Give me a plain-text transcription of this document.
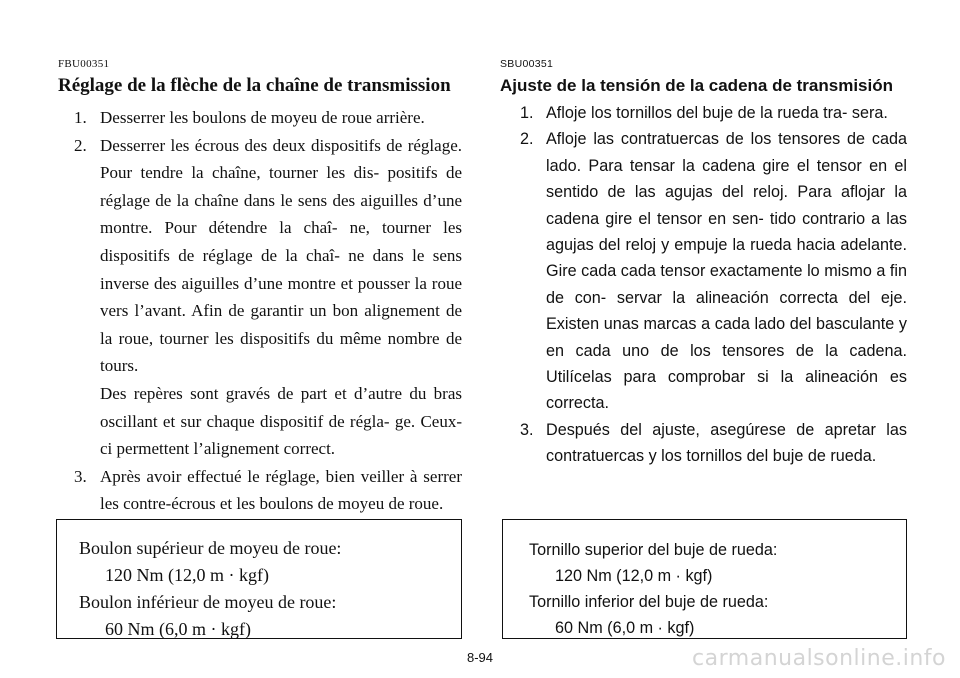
FBU00351
Réglage de la flèche de la chaîne de transmission
1. Desserrer les boulons de moyeu de roue arrière.

2. Desserrer les écrous des deux dispositifs de réglage. Pour tendre la chaîne, tourner les dis- positifs de réglage de la chaîne dans le sens des aiguilles d’une montre. Pour détendre la chaî- ne, tourner les dispositifs de réglage de la chaî- ne dans le sens inverse des aiguilles d’une montre et pousser la roue vers l’avant. Afin de garantir un bon alignement de la roue, tourner les dispositifs du même nombre de tours.

Des repères sont gravés de part et d’autre du bras oscillant et sur chaque dispositif de régla- ge. Ceux-ci permettent l’alignement correct.

3. Après avoir effectué le réglage, bien veiller à serrer les contre-écrous et les boulons de moyeu de roue.

Boulon supérieur de moyeu de roue:
120 Nm (12,0 m · kgf)
Boulon inférieur de moyeu de roue:
60 Nm (6,0 m · kgf)
SBU00351
Ajuste de la tensión de la cadena de transmisión
1. Afloje los tornillos del buje de la rueda tra- sera.

2. Afloje las contratuercas de los tensores de cada lado. Para tensar la cadena gire el tensor en el sentido de las agujas del reloj. Para aflojar la cadena gire el tensor en sen- tido contrario a las agujas del reloj y empuje la rueda hacia adelante. Gire cada cada tensor exactamente lo mismo a fin de con- servar la alineación correcta del eje. Existen unas marcas a cada lado del basculante y en cada uno de los tensores de la cadena. Utilícelas para comprobar si la alineación es correcta.

3. Después del ajuste, asegúrese de apretar las contratuercas y los tornillos del buje de rueda.

Tornillo superior del buje de rueda:
120 Nm (12,0 m · kgf)
Tornillo inferior del buje de rueda:
60 Nm (6,0 m · kgf)
8-94	carmanualsonline.info
